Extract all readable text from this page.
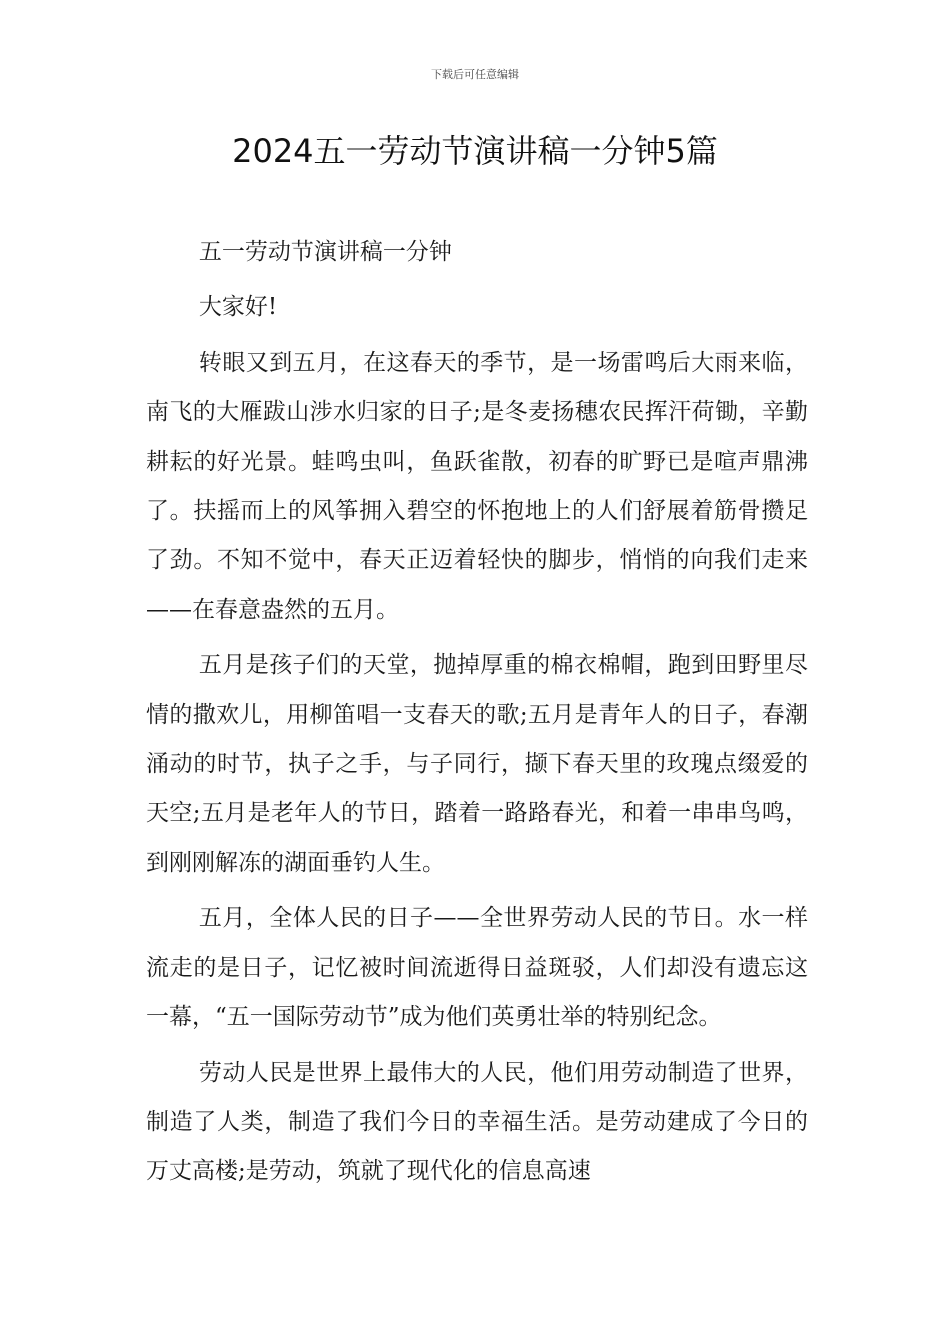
下载后可任意编辑
2024五一劳动节演讲稿一分钟5篇

五一劳动节演讲稿一分钟

大家好!

转眼又到五月，在这春天的季节，是一场雷鸣后大雨来临，南飞的大雁跋山涉水归家的日子;是冬麦扬穗农民挥汗荷锄，辛勤耕耘的好光景。蛙鸣虫叫，鱼跃雀散，初春的旷野已是喧声鼎沸了。扶摇而上的风筝拥入碧空的怀抱地上的人们舒展着筋骨攒足了劲。不知不觉中，春天正迈着轻快的脚步，悄悄的向我们走来——在春意盎然的五月。

五月是孩子们的天堂，抛掉厚重的棉衣棉帽，跑到田野里尽情的撒欢儿，用柳笛唱一支春天的歌;五月是青年人的日子，春潮涌动的时节，执子之手，与子同行，撷下春天里的玫瑰点缀爱的天空;五月是老年人的节日，踏着一路路春光，和着一串串鸟鸣，到刚刚解冻的湖面垂钓人生。

五月，全体人民的日子——全世界劳动人民的节日。水一样流走的是日子，记忆被时间流逝得日益斑驳，人们却没有遗忘这一幕，“五一国际劳动节”成为他们英勇壮举的特别纪念。

劳动人民是世界上最伟大的人民，他们用劳动制造了世界，制造了人类，制造了我们今日的幸福生活。是劳动建成了今日的万丈高楼;是劳动，筑就了现代化的信息高速
